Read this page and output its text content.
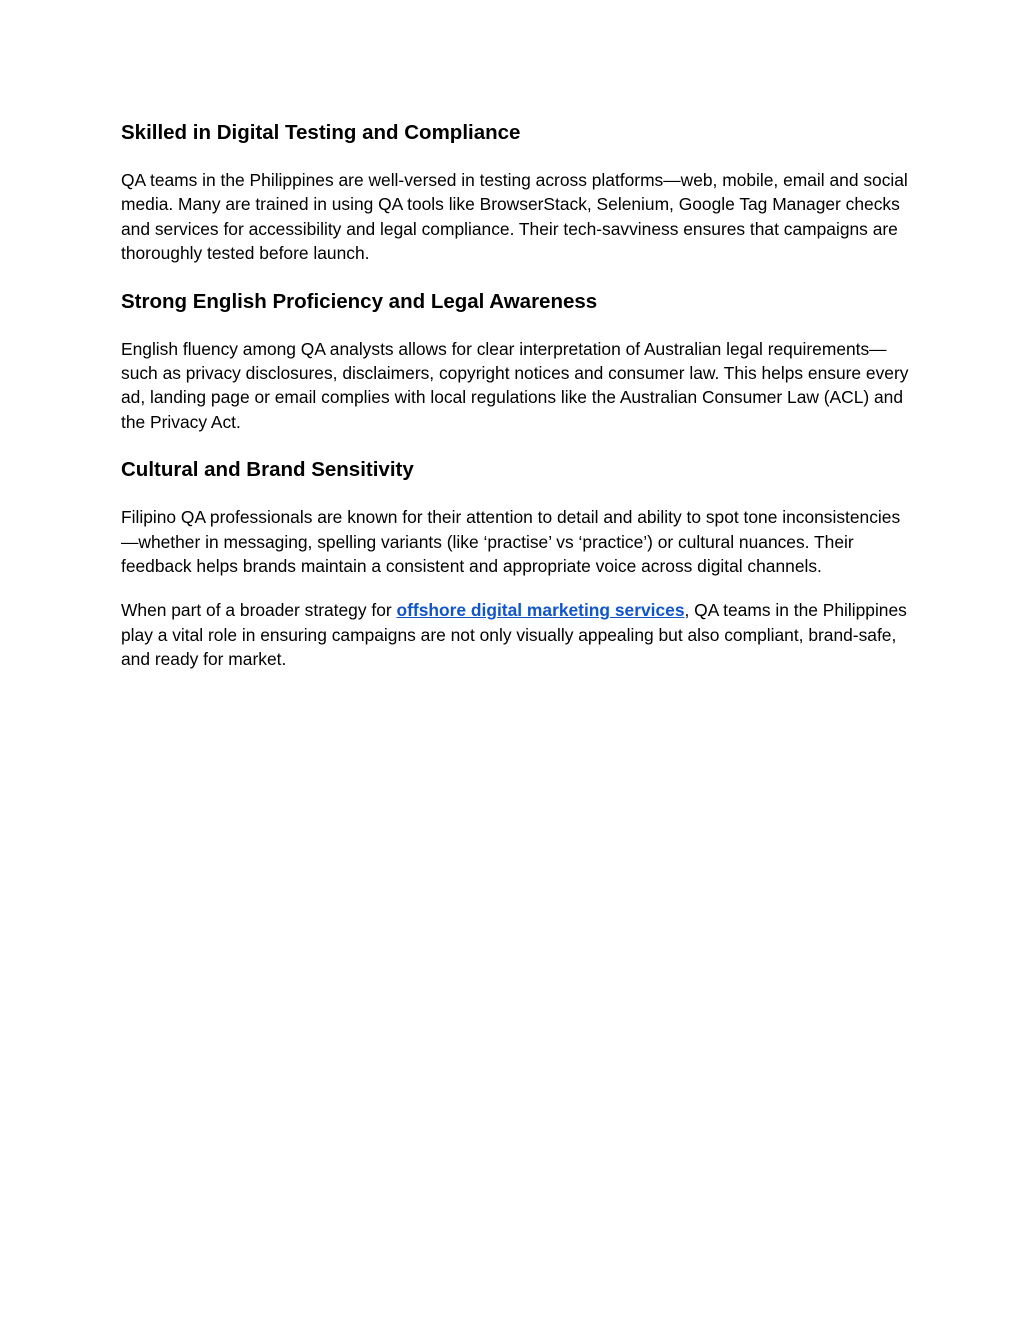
Skilled in Digital Testing and Compliance

QA teams in the Philippines are well-versed in testing across platforms—web, mobile, email and social media. Many are trained in using QA tools like BrowserStack, Selenium, Google Tag Manager checks and services for accessibility and legal compliance. Their tech-savviness ensures that campaigns are thoroughly tested before launch.

Strong English Proficiency and Legal Awareness

English fluency among QA analysts allows for clear interpretation of Australian legal requirements—such as privacy disclosures, disclaimers, copyright notices and consumer law. This helps ensure every ad, landing page or email complies with local regulations like the Australian Consumer Law (ACL) and the Privacy Act.

Cultural and Brand Sensitivity

Filipino QA professionals are known for their attention to detail and ability to spot tone inconsistencies—whether in messaging, spelling variants (like ‘practise’ vs ‘practice’) or cultural nuances. Their feedback helps brands maintain a consistent and appropriate voice across digital channels.

When part of a broader strategy for offshore digital marketing services, QA teams in the Philippines play a vital role in ensuring campaigns are not only visually appealing but also compliant, brand-safe, and ready for market.
